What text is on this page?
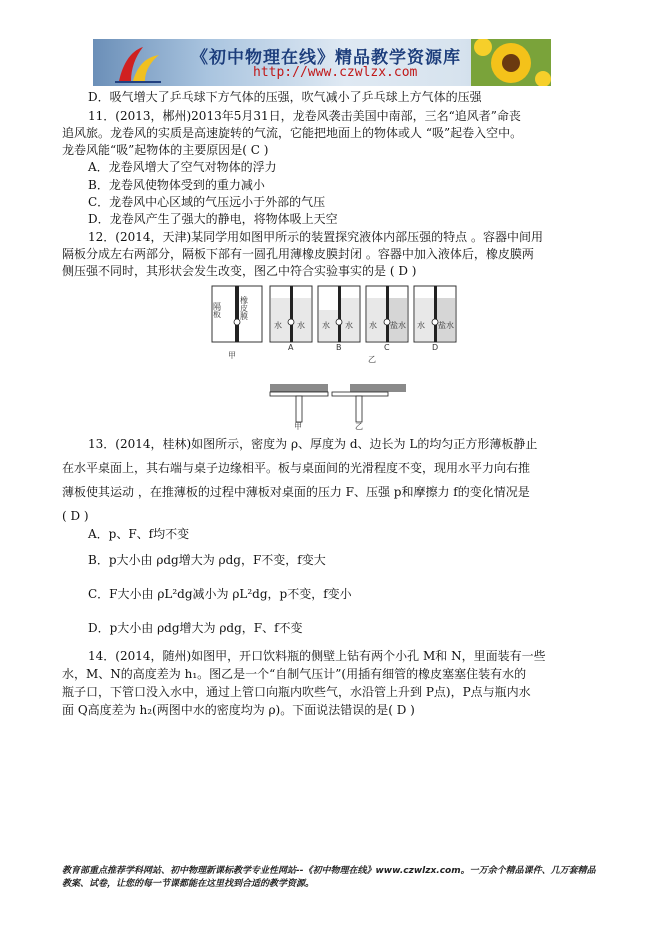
《初中物理在线》精品教学资源库
http://www.czwlzx.com
D．吸气增大了乒乓球下方气体的压强，吹气减小了乒乓球上方气体的压强
11．(2013，郴州)2013年5月31日，龙卷风袭击美国中南部，三名“追风者”命丧
追风旅。龙卷风的实质是高速旋转的气流，它能把地面上的物体或人 “吸”起卷入空中。
龙卷风能“吸”起物体的主要原因是( C )
A．龙卷风增大了空气对物体的浮力
B．龙卷风使物体受到的重力减小
C．龙卷风中心区域的气压远小于外部的气压
D．龙卷风产生了强大的静电，将物体吸上天空
12．(2014，天津)某同学用如图甲所示的装置探究液体内部压强的特点 。容器中间用
隔板分成左右两部分，隔板下部有一圆孔用薄橡皮膜封闭 。容器中加入液体后，橡皮膜两
侧压强不同时，其形状会发生改变，图乙中符合实验事实的是 ( D )
隔板 橡皮膜
甲
水 水
A
水 水
B
水 盐水
C
水 盐水
D
乙
甲	乙
13．(2014，桂林)如图所示，密度为 ρ、厚度为 d、边长为 L的均匀正方形薄板静止
在水平桌面上，其右端与桌子边缘相平。板与桌面间的光滑程度不变，现用水平力向右推
薄板使其运动 ，在推薄板的过程中薄板对桌面的压力 F、压强 p和摩擦力 f的变化情况是
( D )
A．p、F、f均不变
B．p大小由 ρdg增大为 ρdg，F不变，f变大
C．F大小由 ρL²dg减小为 ρL²dg，p不变，f变小
D．p大小由 ρdg增大为 ρdg，F、f不变
14．(2014，随州)如图甲，开口饮料瓶的侧壁上钻有两个小孔 M和 N，里面装有一些
水，M、N的高度差为 h₁。图乙是一个“自制气压计”(用插有细管的橡皮塞塞住装有水的
瓶子口，下管口没入水中，通过上管口向瓶内吹些气，水沿管上升到 P点)，P点与瓶内水
面 Q高度差为 h₂(两图中水的密度均为 ρ)。下面说法错误的是( D )
教育部重点推荐学科网站、初中物理新课标教学专业性网站--《初中物理在线》www.czwlzx.com。一万余个精品课件、几万套精品教案、试卷，让您的每一节课都能在这里找到合适的教学资源。
